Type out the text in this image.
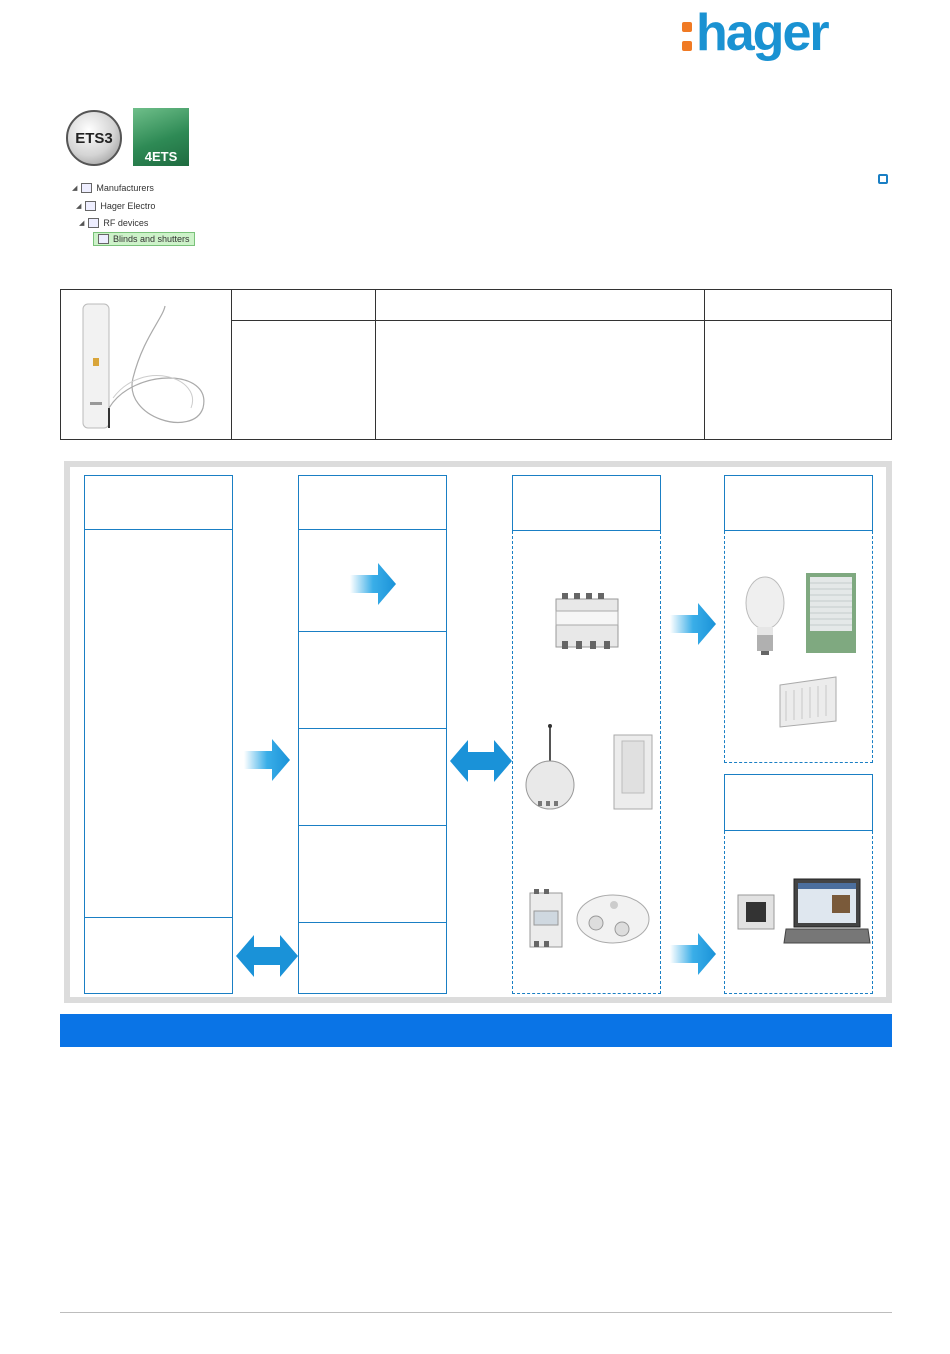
hager
ETS3
4ETS
◢ Manufacturers
◢ Hager Electro
◢ RF devices
Blinds and shutters
